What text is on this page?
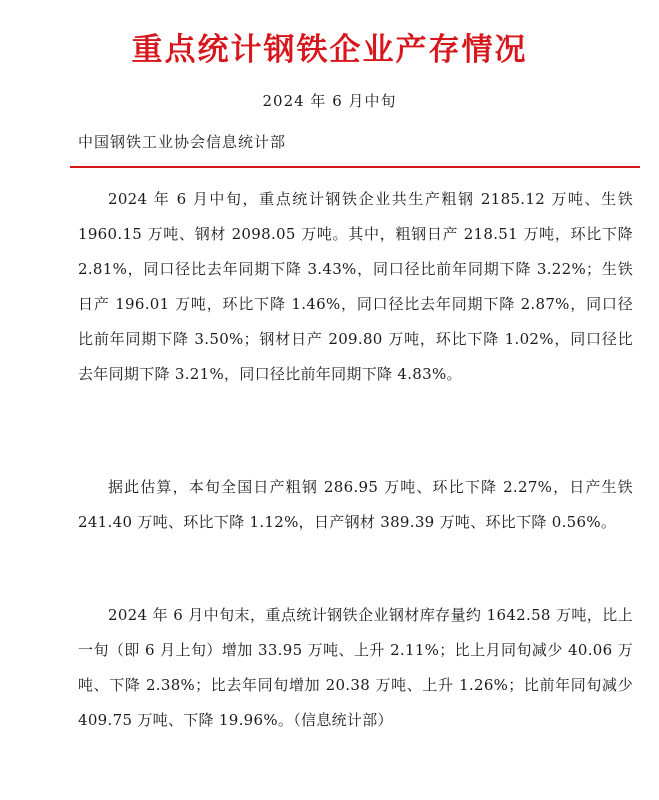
重点统计钢铁企业产存情况
2024 年 6 月中旬
中国钢铁工业协会信息统计部

2024 年 6 月中旬，重点统计钢铁企业共生产粗钢 2185.12 万吨、生铁 1960.15 万吨、钢材 2098.05 万吨。其中，粗钢日产 218.51 万吨，环比下降 2.81%，同口径比去年同期下降 3.43%，同口径比前年同期下降 3.22%；生铁日产 196.01 万吨，环比下降 1.46%，同口径比去年同期下降 2.87%，同口径比前年同期下降 3.50%；钢材日产 209.80 万吨，环比下降 1.02%，同口径比去年同期下降 3.21%，同口径比前年同期下降 4.83%。

据此估算，本旬全国日产粗钢 286.95 万吨、环比下降 2.27%，日产生铁 241.40 万吨、环比下降 1.12%，日产钢材 389.39 万吨、环比下降 0.56%。

2024 年 6 月中旬末，重点统计钢铁企业钢材库存量约 1642.58 万吨，比上一旬（即 6 月上旬）增加 33.95 万吨、上升 2.11%；比上月同旬减少 40.06 万吨、下降 2.38%；比去年同旬增加 20.38 万吨、上升 1.26%；比前年同旬减少 409.75 万吨、下降 19.96%。（信息统计部）
